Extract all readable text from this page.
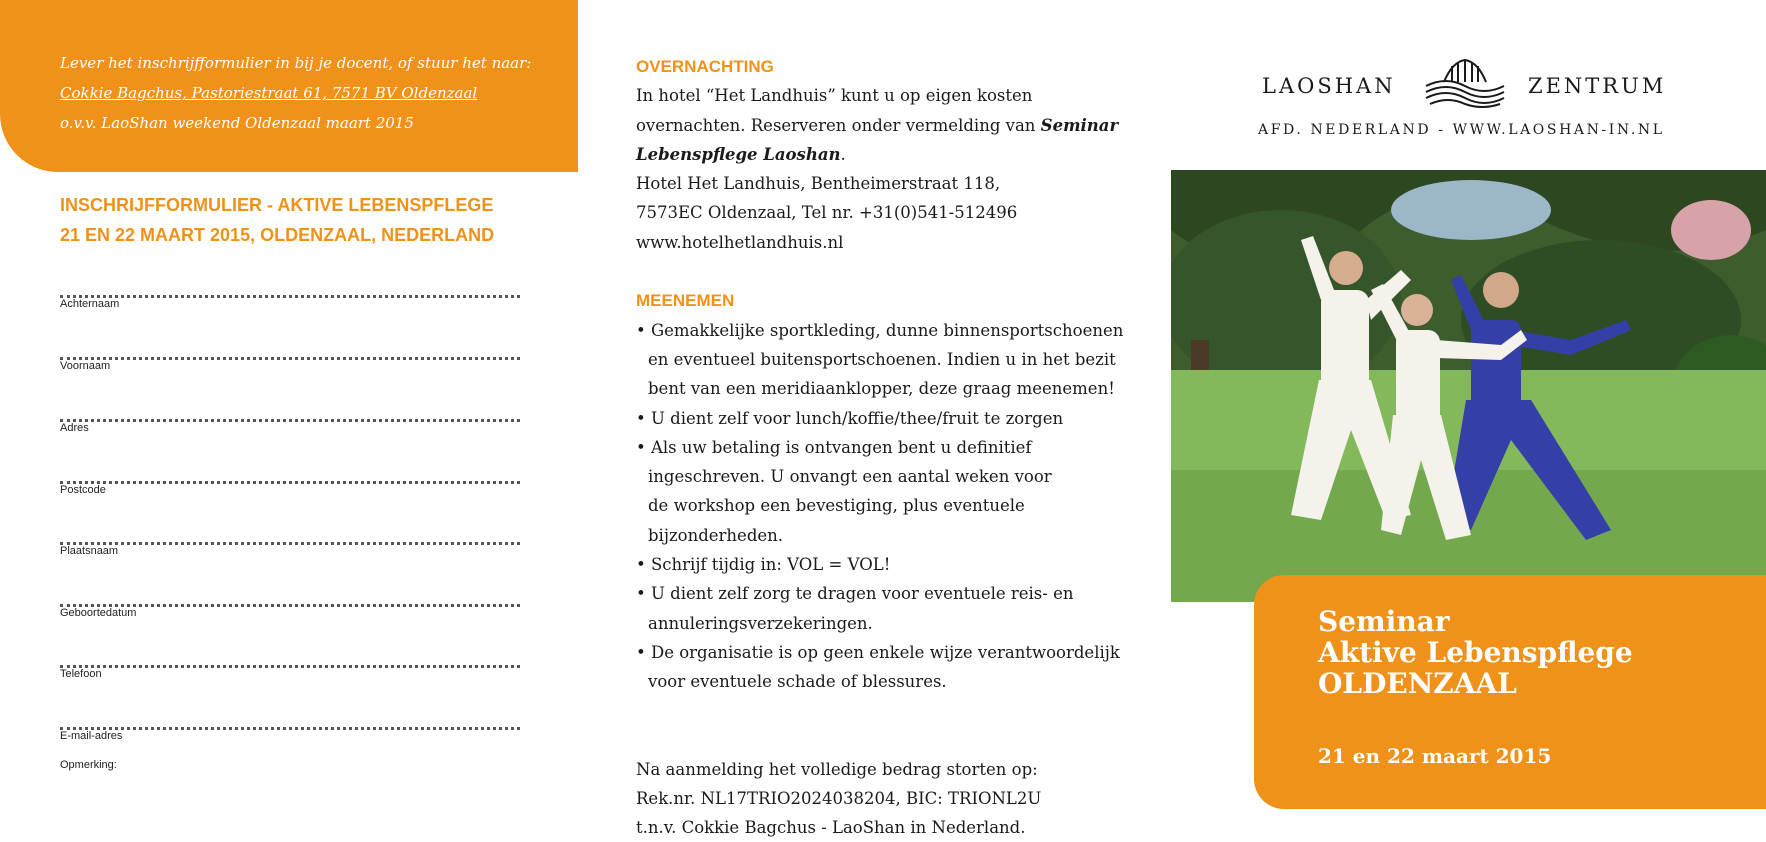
Lever het inschrijfformulier in bij je docent, of stuur het naar:
Cokkie Bagchus, Pastoriestraat 61, 7571 BV Oldenzaal
o.v.v. LaoShan weekend Oldenzaal maart 2015
INSCHRIJFFORMULIER - AKTIVE LEBENSPFLEGE
21 EN 22 MAART 2015, OLDENZAAL, NEDERLAND
Achternaam
Voornaam
Adres
Postcode
Plaatsnaam
Geboortedatum
Telefoon
E-mail-adres
Opmerking:
OVERNACHTING
In hotel “Het Landhuis” kunt u op eigen kosten
overnachten. Reserveren onder vermelding van Seminar
Lebenspflege Laoshan.
Hotel Het Landhuis, Bentheimerstraat 118,
7573EC Oldenzaal, Tel nr. +31(0)541-512496
www.hotelhetlandhuis.nl
MEENEMEN
• Gemakkelijke sportkleding, dunne binnensportschoenen
en eventueel buitensportschoenen. Indien u in het bezit
bent van een meridiaanklopper, deze graag meenemen!
• U dient zelf voor lunch/koffie/thee/fruit te zorgen
• Als uw betaling is ontvangen bent u definitief
ingeschreven. U onvangt een aantal weken voor
de workshop een bevestiging, plus eventuele
bijzonderheden.
• Schrijf tijdig in: VOL = VOL!
• U dient zelf zorg te dragen voor eventuele reis- en
annuleringsverzekeringen.
• De organisatie is op geen enkele wijze verantwoordelijk
voor eventuele schade of blessures.
Na aanmelding het volledige bedrag storten op:
Rek.nr. NL17TRIO2024038204, BIC: TRIONL2U
t.n.v. Cokkie Bagchus - LaoShan in Nederland.
LAOSHAN	ZENTRUM
AFD. NEDERLAND - WWW.LAOSHAN-IN.NL
Seminar
Aktive Lebenspflege
OLDENZAAL
21 en 22 maart 2015
